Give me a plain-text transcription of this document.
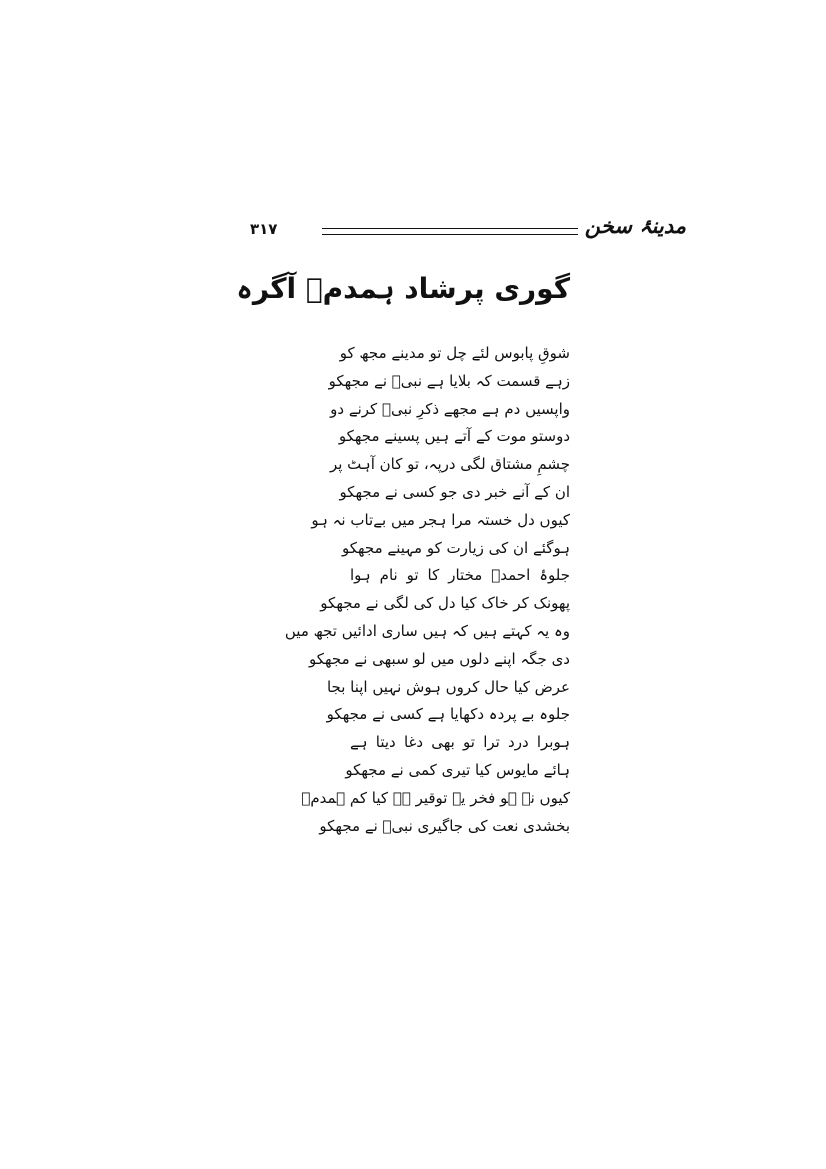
۳۱۷	مدینۂ سخن
گوری پرشاد ہمدمؔ آگرہ
شوقِ پابوس لئے چل تو مدینے مجھ کو
زہے قسمت کہ بلایا ہے نبیؐ نے مجھکو
واپسیں دم ہے مجھے ذکرِ نبیؐ کرنے دو
دوستو موت کے آتے ہیں پسینے مجھکو
چشمِ مشتاق لگی درپہ، تو کان آہٹ پر
ان کے آنے خبر دی جو کسی نے مجھکو
کیوں دل خستہ مرا ہجر میں بےتاب نہ ہو
ہوگئے ان کی زیارت کو مہینے مجھکو
جلوۂ احمدؐ مختار کا تو نام ہوا
پھونک کر خاک کیا دل کی لگی نے مجھکو
وہ یہ کہتے ہیں کہ ہیں ساری ادائیں تجھ میں
دی جگہ اپنے دلوں میں لو سبھی نے مجھکو
عرض کیا حال کروں ہوش نہیں اپنا بجا
جلوہ بے پردہ دکھایا ہے کسی نے مجھکو
ہوبرا درد ترا تو بھی دغا دیتا ہے
ہائے مایوس کیا تیری کمی نے مجھکو
کیوں نہ ہو فخر یہ توقیر ہے کیا کم ہمدمؔ
بخشدی نعت کی جاگیری نبیؐ نے مجھکو
